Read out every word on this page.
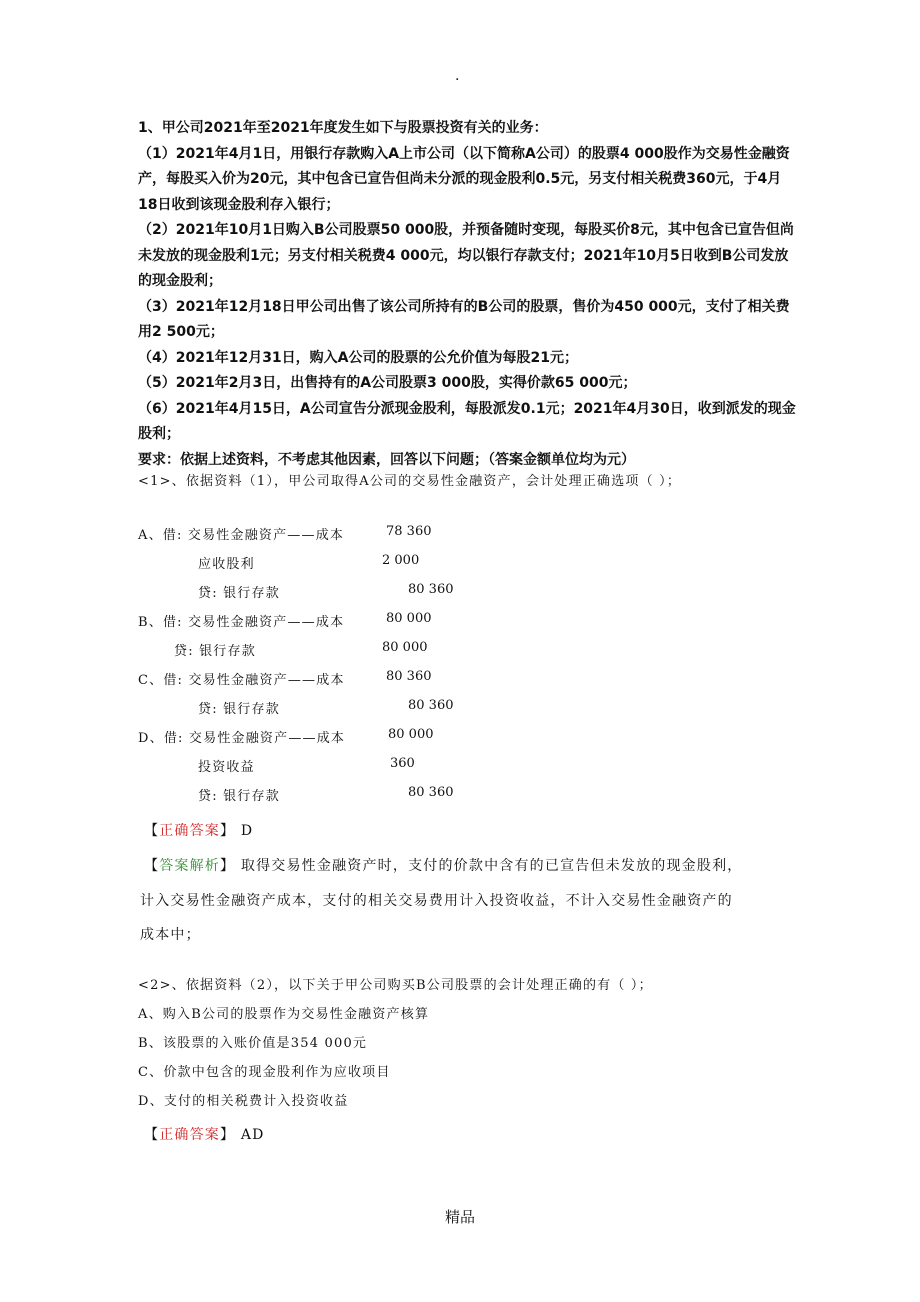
.

1、甲公司2021年至2021年度发生如下与股票投资有关的业务：

（1）2021年4月1日，用银行存款购入A上市公司（以下简称A公司）的股票4 000股作为交易性金融资产，每股买入价为20元，其中包含已宣告但尚未分派的现金股利0.5元，另支付相关税费360元，于4月18日收到该现金股利存入银行；

（2）2021年10月1日购入B公司股票50 000股，并预备随时变现，每股买价8元，其中包含已宣告但尚未发放的现金股利1元；另支付相关税费4 000元，均以银行存款支付；2021年10月5日收到B公司发放的现金股利；

（3）2021年12月18日甲公司出售了该公司所持有的B公司的股票，售价为450 000元，支付了相关费用2 500元；

（4）2021年12月31日，购入A公司的股票的公允价值为每股21元；

（5）2021年2月3日，出售持有的A公司股票3 000股，实得价款65 000元；

（6）2021年4月15日，A公司宣告分派现金股利，每股派发0.1元；2021年4月30日，收到派发的现金股利；

要求：依据上述资料，不考虑其他因素，回答以下问题；（答案金额单位均为元）

<1>、依据资料（1），甲公司取得A公司的交易性金融资产，会计处理正确选项（ ）；
A、借: 交易性金融资产——成本	78 360
应收股利	2 000
贷: 银行存款	80 360
B、借: 交易性金融资产——成本	80 000
贷: 银行存款	80 000
C、借: 交易性金融资产——成本	80 360
贷: 银行存款	80 360
D、借: 交易性金融资产——成本	80 000
投资收益	360
贷: 银行存款	80 360
【正确答案】 D
【答案解析】 取得交易性金融资产时，支付的价款中含有的已宣告但未发放的现金股利，
计入交易性金融资产成本，支付的相关交易费用计入投资收益，不计入交易性金融资产的
成本中；
<2>、依据资料（2），以下关于甲公司购买B公司股票的会计处理正确的有（ ）；
A、购入B公司的股票作为交易性金融资产核算
B、该股票的入账价值是354 000元
C、价款中包含的现金股利作为应收项目
D、支付的相关税费计入投资收益
【正确答案】 AD
精品
